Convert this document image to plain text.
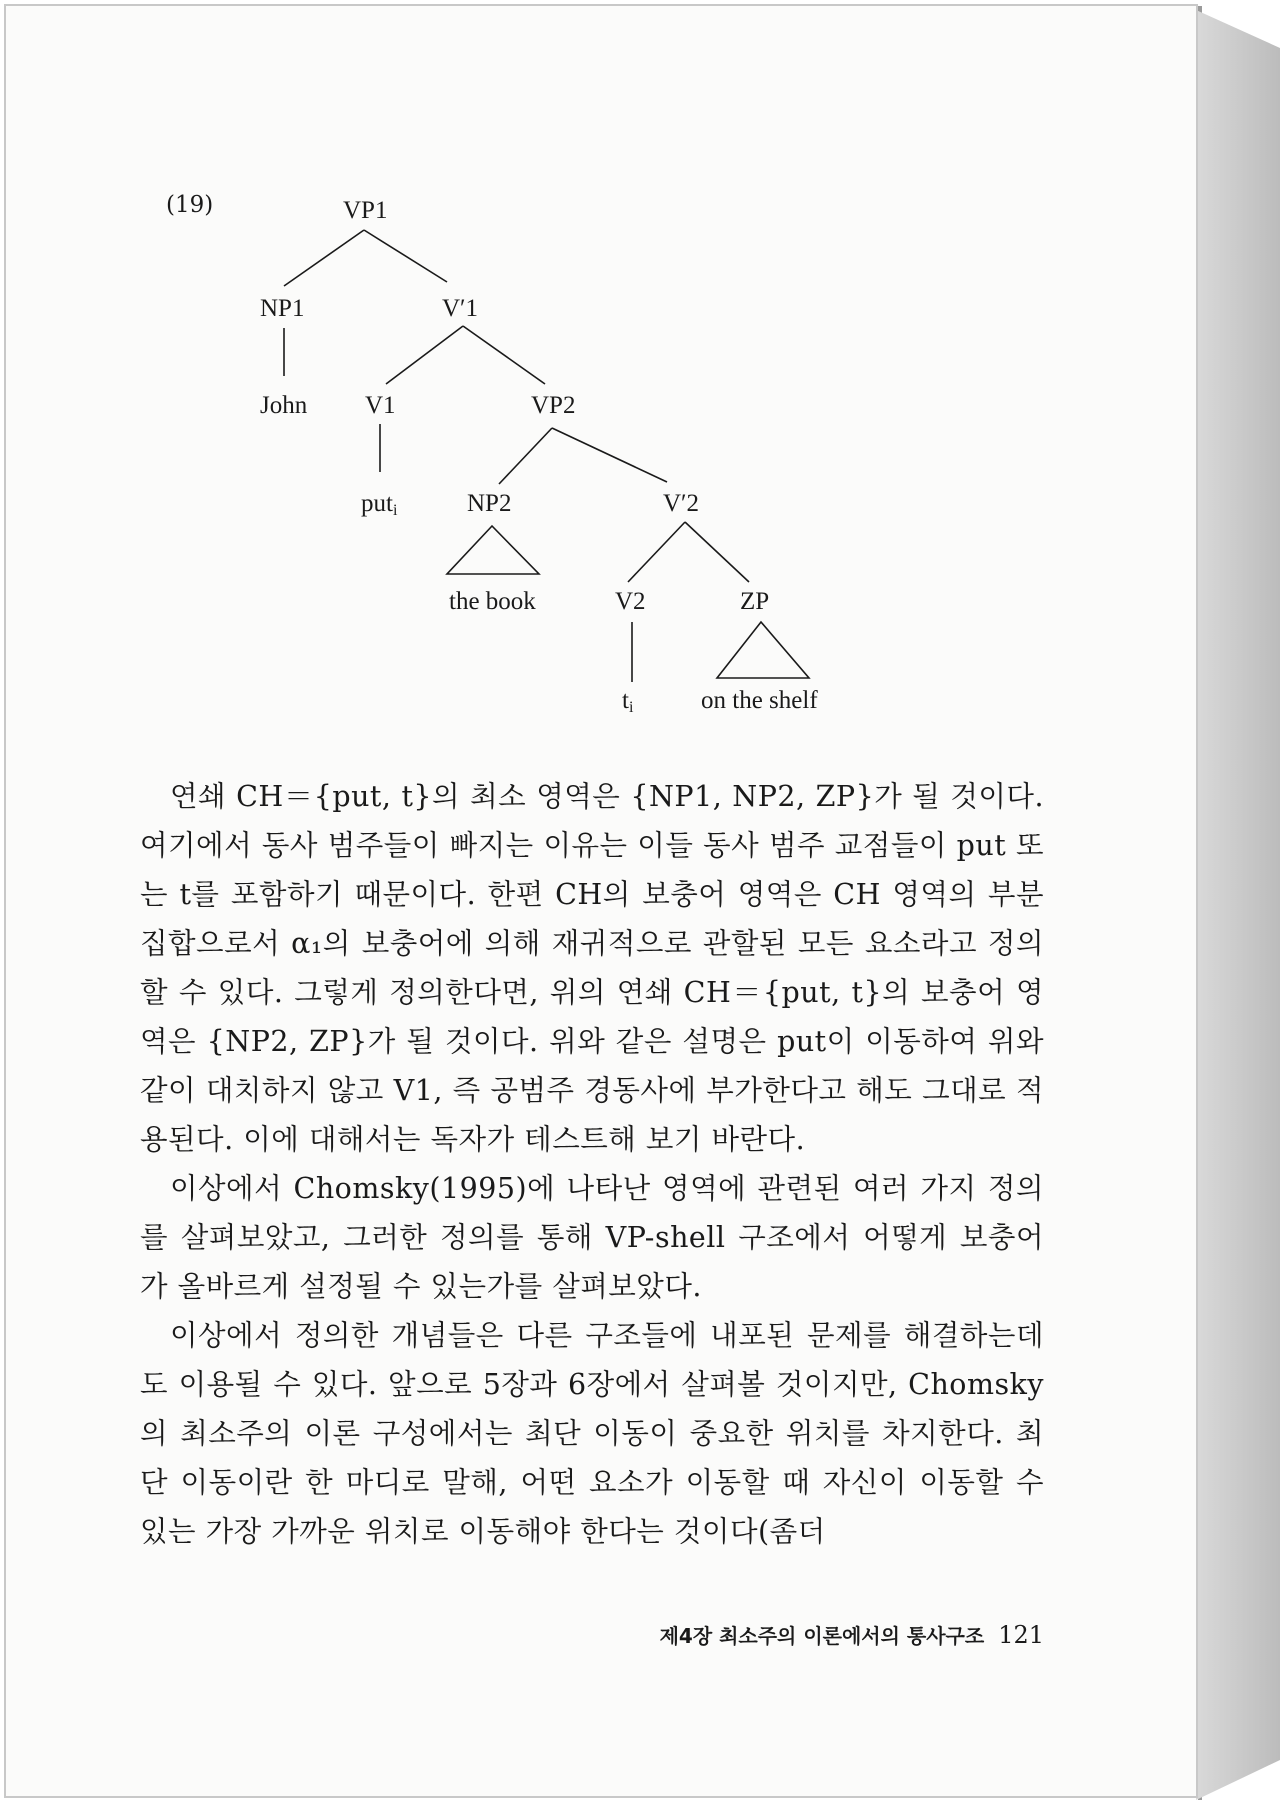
(19)	VP1
NP1	V′1
John V1	VP2
puti	NP2	V′2
the book	V2	ZP
ti	on the shelf

연쇄 CH＝{put, t}의 최소 영역은 {NP1, NP2, ZP}가 될 것이다. 여기에서 동사 범주들이 빠지는 이유는 이들 동사 범주 교점들이 put 또는 t를 포함하기 때문이다. 한편 CH의 보충어 영역은 CH 영역의 부분집합으로서 α₁의 보충어에 의해 재귀적으로 관할된 모든 요소라고 정의할 수 있다. 그렇게 정의한다면, 위의 연쇄 CH＝{put, t}의 보충어 영역은 {NP2, ZP}가 될 것이다. 위와 같은 설명은 put이 이동하여 위와 같이 대치하지 않고 V1, 즉 공범주 경동사에 부가한다고 해도 그대로 적용된다. 이에 대해서는 독자가 테스트해 보기 바란다.

이상에서 Chomsky(1995)에 나타난 영역에 관련된 여러 가지 정의를 살펴보았고, 그러한 정의를 통해 VP-shell 구조에서 어떻게 보충어가 올바르게 설정될 수 있는가를 살펴보았다.

이상에서 정의한 개념들은 다른 구조들에 내포된 문제를 해결하는데도 이용될 수 있다. 앞으로 5장과 6장에서 살펴볼 것이지만, Chomsky의 최소주의 이론 구성에서는 최단 이동이 중요한 위치를 차지한다. 최단 이동이란 한 마디로 말해, 어떤 요소가 이동할 때 자신이 이동할 수 있는 가장 가까운 위치로 이동해야 한다는 것이다(좀더

제4장 최소주의 이론에서의 통사구조 121
